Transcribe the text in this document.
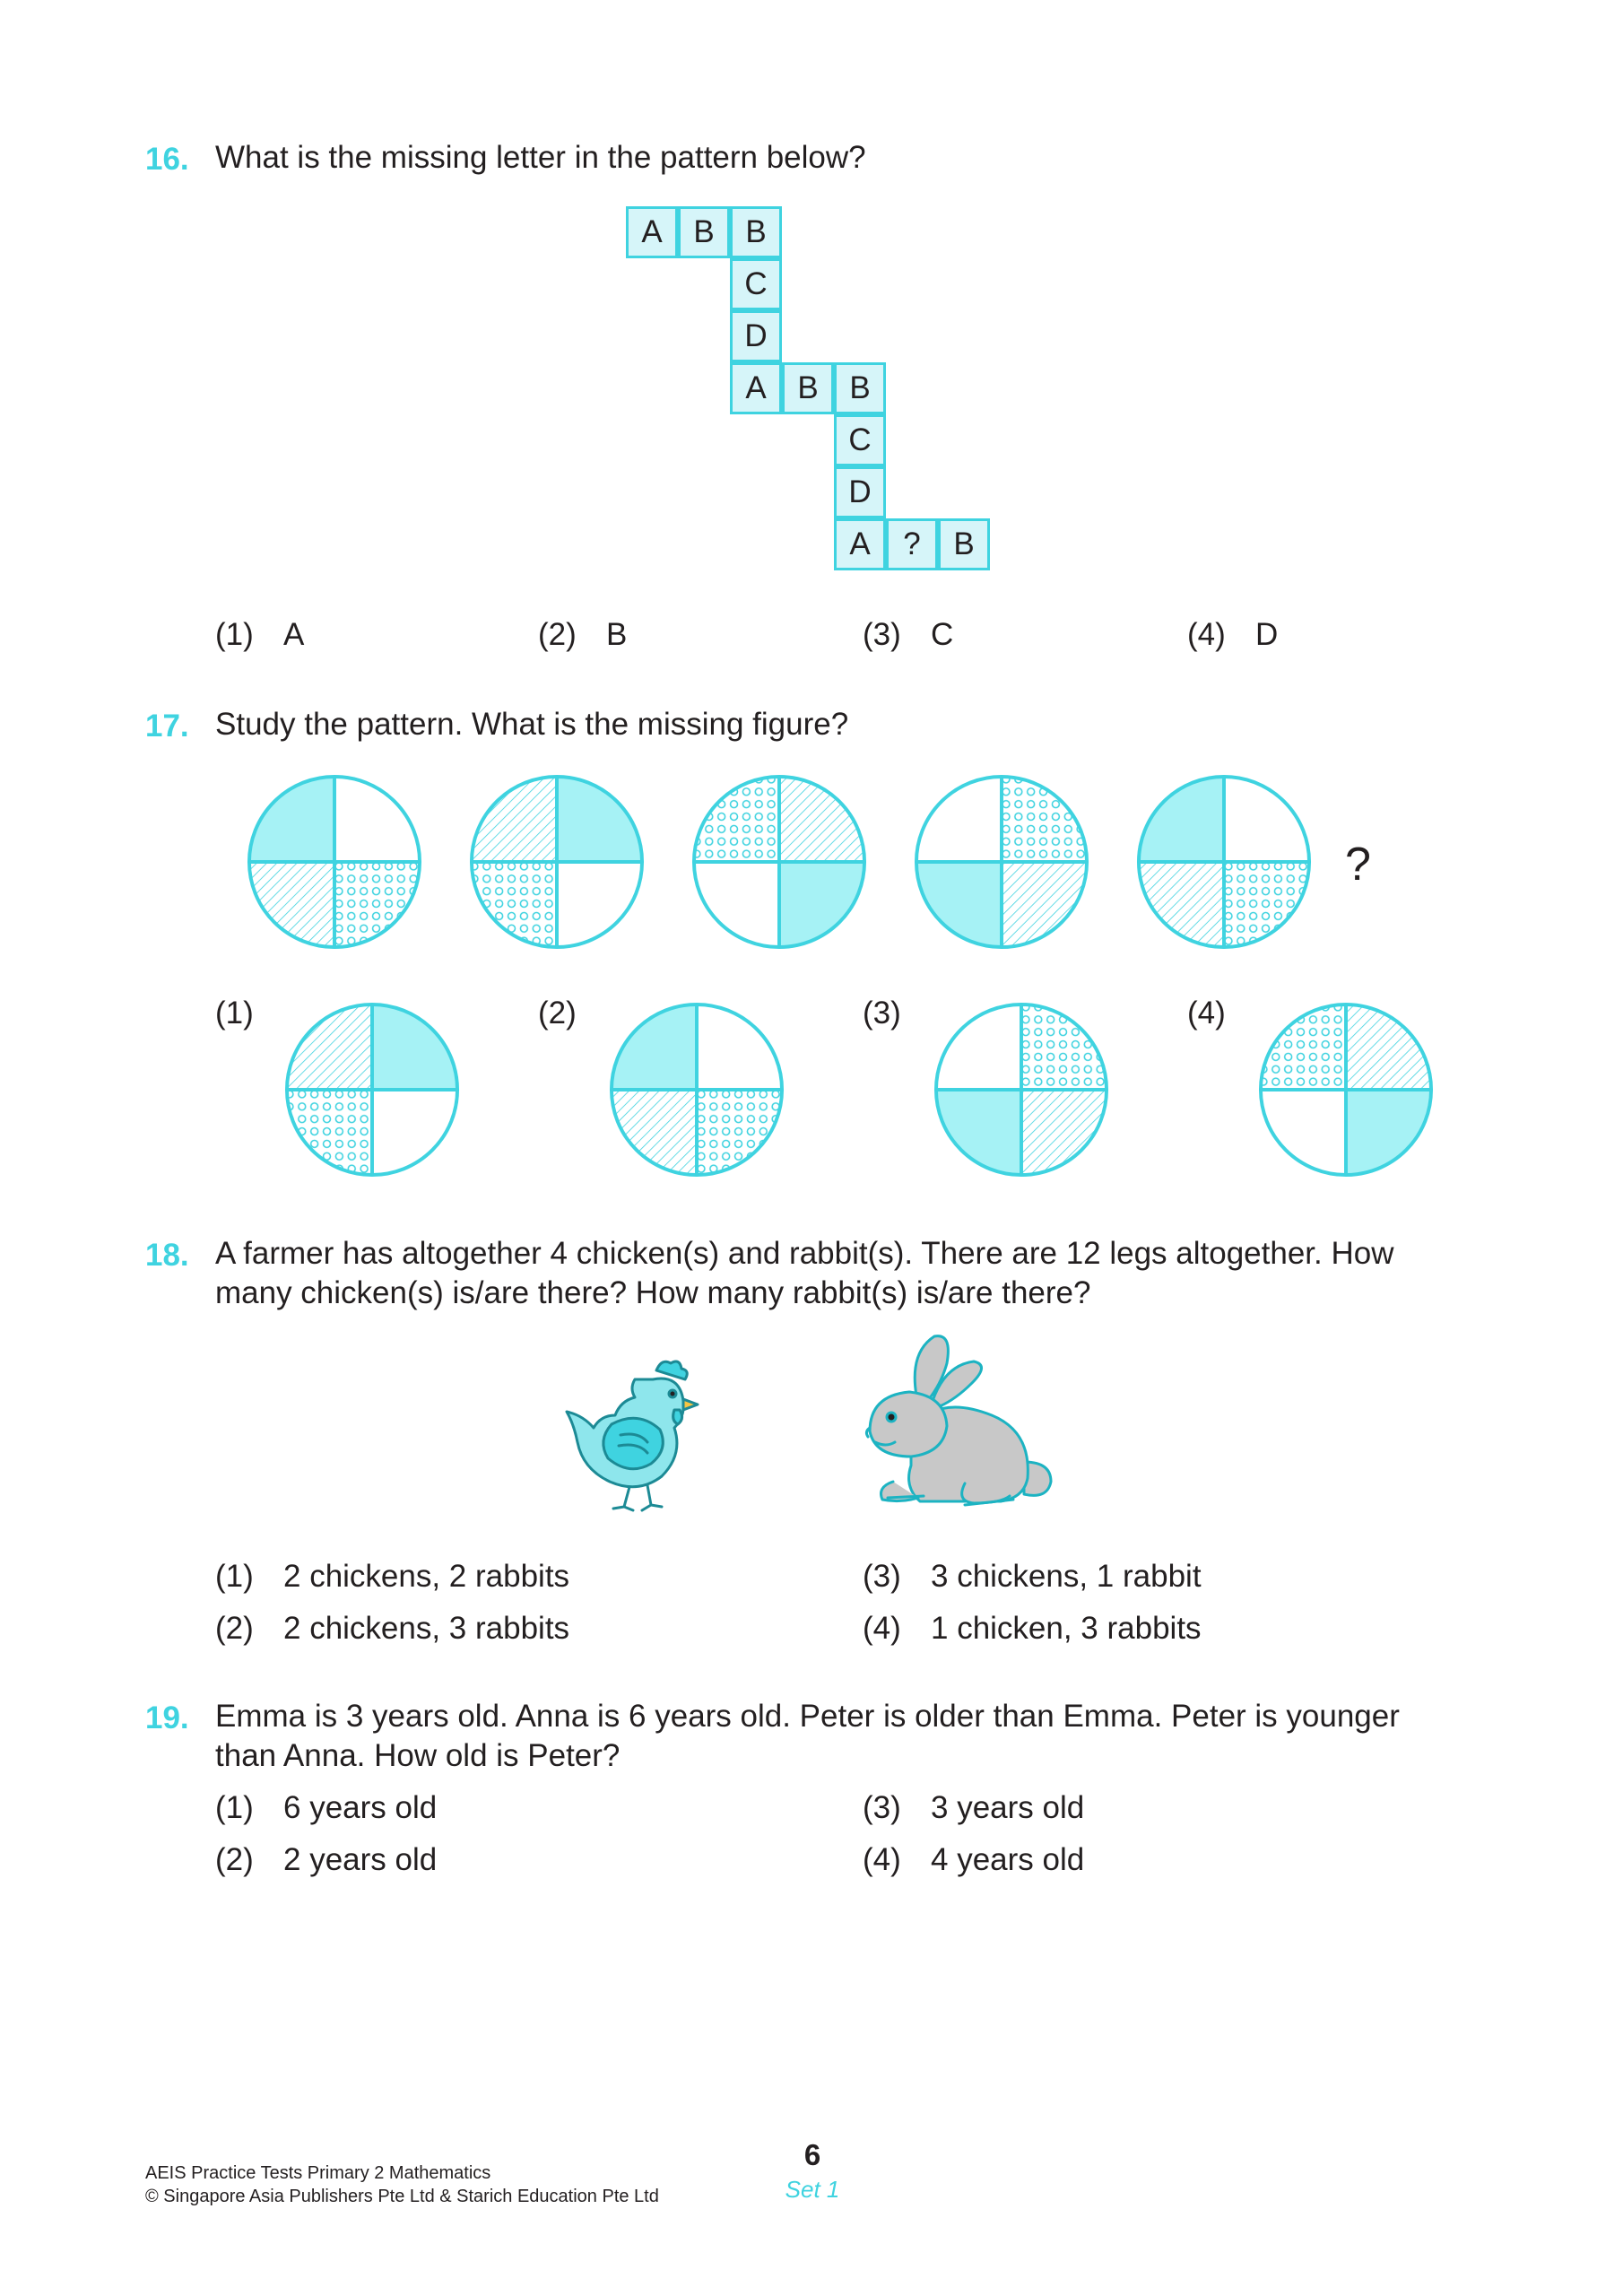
16. What is the missing letter in the pattern below?
A B B
C
D
A B B
C
D
A	?	B
(1) A	(2) B	(3) C	(4) D
17. Study the pattern. What is the missing figure?
?
(1)	(2)	(3)	(4)
18. A farmer has altogether 4 chicken(s) and rabbit(s). There are 12 legs altogether. How
many chicken(s) is/are there? How many rabbit(s) is/are there?
(1) 2 chickens, 2 rabbits
(2) 2 chickens, 3 rabbits
(3) 3 chickens, 1 rabbit
(4) 1 chicken, 3 rabbits
19. Emma is 3 years old. Anna is 6 years old. Peter is older than Emma. Peter is younger
than Anna. How old is Peter?
(1) 6 years old
(2) 2 years old
(3) 3 years old
(4) 4 years old
AEIS Practice Tests Primary 2 Mathematics
© Singapore Asia Publishers Pte Ltd & Starich Education Pte Ltd
6
Set 1
